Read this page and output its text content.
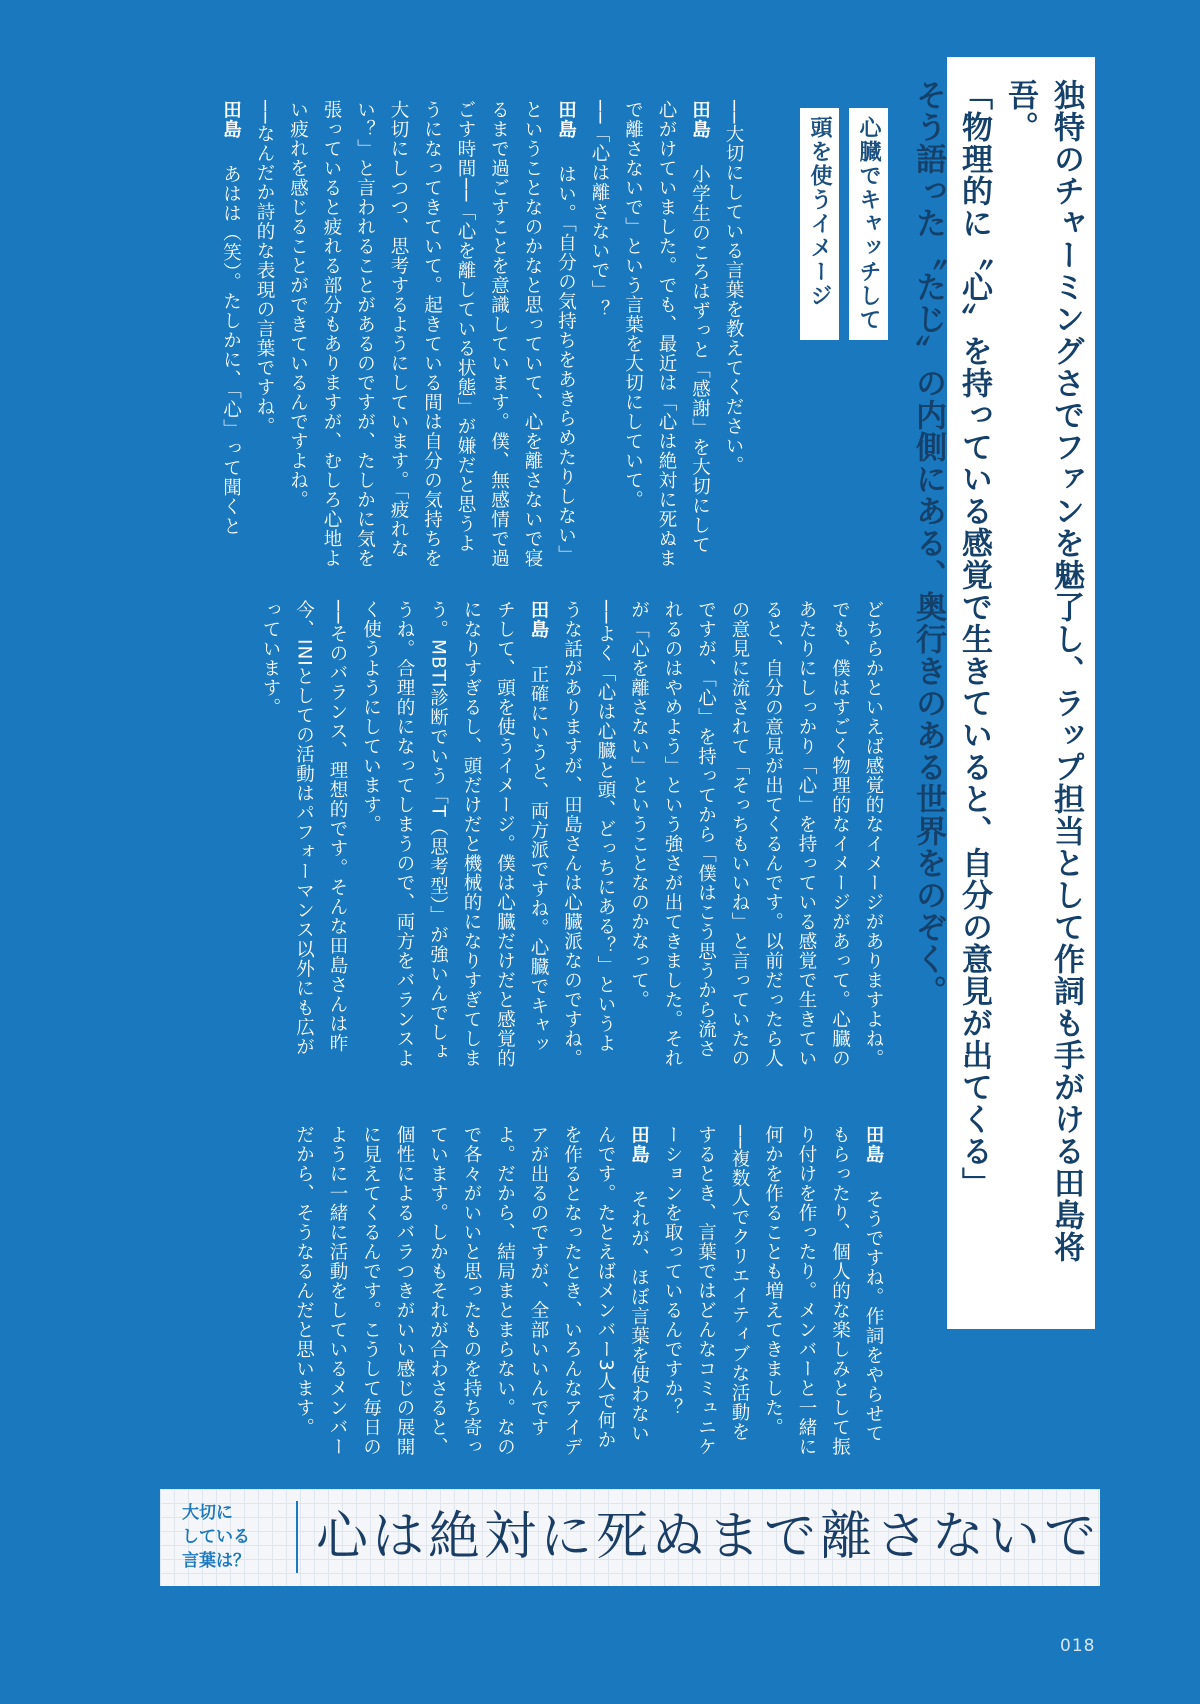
独特のチャーミングさでファンを魅了し、ラップ担当として作詞も手がける田島将吾。

「物理的に〝心〟を持っている感覚で生きていると、自分の意見が出てくる」

そう語った〝たじ〟の内側にある、奥行きのある世界をのぞく。

心臓でキャッチして
頭を使うイメージ

──大切にしている言葉を教えてください。

田島　小学生のころはずっと「感謝」を大切にして心がけていました。でも、最近は「心は絶対に死ぬまで離さないで」という言葉を大切にしていて。

──「心は離さないで」？

田島　はい。「自分の気持ちをあきらめたりしない」ということなのかなと思っていて、心を離さないで寝るまで過ごすことを意識しています。僕、無感情で過ごす時間──「心を離している状態」が嫌だと思うようになってきていて。起きている間は自分の気持ちを大切にしつつ、思考するようにしています。「疲れない？」と言われることがあるのですが、たしかに気を張っていると疲れる部分もありますが、むしろ心地よい疲れを感じることができているんですよね。

──なんだか詩的な表現の言葉ですね。

田島　あはは（笑）。たしかに、「心」って聞くと

どちらかといえば感覚的なイメージがありますよね。でも、僕はすごく物理的なイメージがあって。心臓のあたりにしっかり「心」を持っている感覚で生きていると、自分の意見が出てくるんです。以前だったら人の意見に流されて「そっちもいいね」と言っていたのですが、「心」を持ってから「僕はこう思うから流されるのはやめよう」という強さが出てきました。それが「心を離さない」ということなのかなって。

──よく「心は心臓と頭、どっちにある？」というような話がありますが、田島さんは心臓派なのですね。

田島　正確にいうと、両方派ですね。心臓でキャッチして、頭を使うイメージ。僕は心臓だけだと感覚的になりすぎるし、頭だけだと機械的になりすぎてしまう。MBTI診断でいう「T（思考型）」が強いんでしょうね。合理的になってしまうので、両方をバランスよく使うようにしています。

──そのバランス、理想的です。そんな田島さんは昨今、INIとしての活動はパフォーマンス以外にも広がっています。

田島　そうですね。作詞をやらせてもらったり、個人的な楽しみとして振り付けを作ったり。メンバーと一緒に何かを作ることも増えてきました。

──複数人でクリエイティブな活動をするとき、言葉ではどんなコミュニケーションを取っているんですか？

田島　それが、ほぼ言葉を使わないんです。たとえばメンバー3人で何かを作るとなったとき、いろんなアイデアが出るのですが、全部いいんですよ。だから、結局まとまらない。なので各々がいいと思ったものを持ち寄っています。しかもそれが合わさると、個性によるバラつきがいい感じの展開に見えてくるんです。こうして毎日のように一緒に活動をしているメンバーだから、そうなるんだと思います。

大切に
している
言葉は？	心は絶対に死ぬまで離さないで
018
